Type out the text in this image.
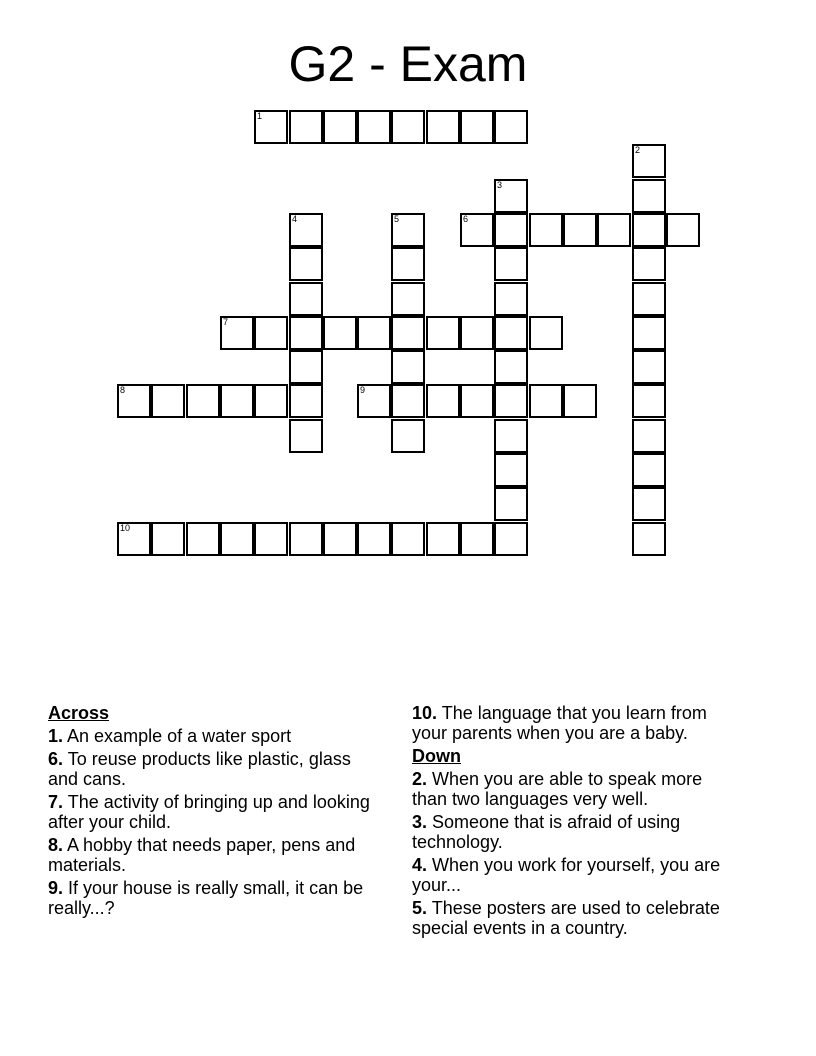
G2 - Exam
1
2
3
4	5	6
7
8	9
10
Across
1. An example of a water sport
6. To reuse products like plastic, glass and cans.
7. The activity of bringing up and looking after your child.
8. A hobby that needs paper, pens and materials.
9. If your house is really small, it can be really...?
10. The language that you learn from your parents when you are a baby.
Down
2. When you are able to speak more than two languages very well.
3. Someone that is afraid of using technology.
4. When you work for yourself, you are your...
5. These posters are used to celebrate special events in a country.
